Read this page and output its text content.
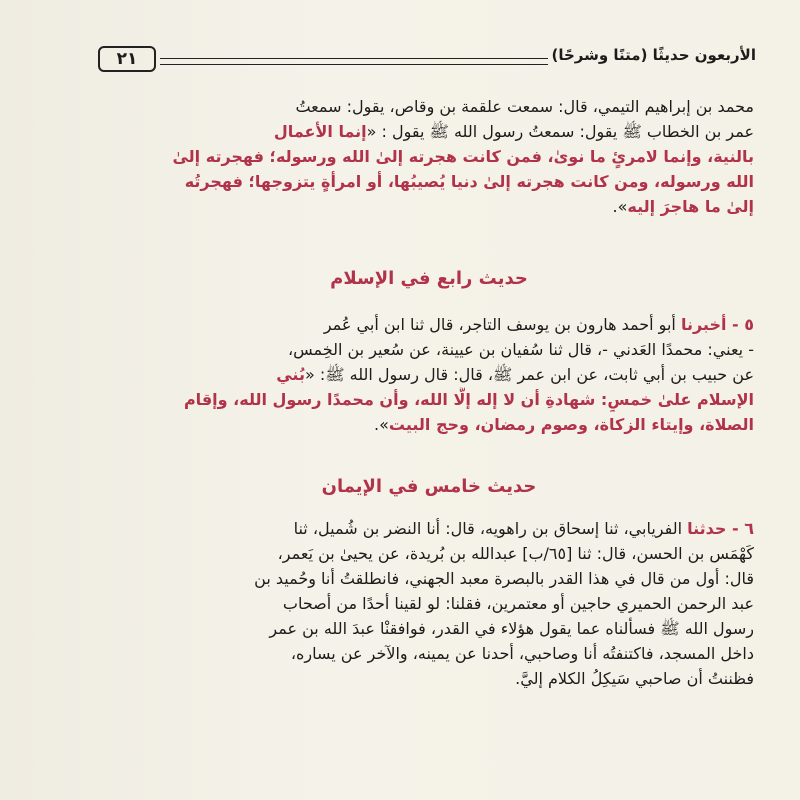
٢١	الأربعون حديثًا (متنًا وشرحًا)
محمد بن إبراهيم التيمي، قال: سمعت علقمة بن وقاص، يقول: سمعتُ
عمر بن الخطاب ﷺ يقول: سمعتُ رسول الله ﷺ يقول : «إنما الأعمال
بالنية، وإنما لامرئٍ ما نوىٰ، فمن كانت هجرته إلىٰ الله ورسوله؛ فهجرته إلىٰ
الله ورسوله، ومن كانت هجرته إلىٰ دنيا يُصيبُها، أو امرأةٍ يتزوجها؛ فهجرتُه
إلىٰ ما هاجرَ إليه».
حديث رابع في الإسلام
٥ - أخبرنا أبو أحمد هارون بن يوسف التاجر، قال ثنا ابن أبي عُمر
- يعني: محمدًا العَدني -، قال ثنا سُفيان بن عيينة، عن سُعير بن الخِمس،
عن حبيب بن أبي ثابت، عن ابن عمر ﷺ، قال: قال رسول الله ﷺ: «بُني
الإسلام علىٰ خمسٍ: شهادةِ أن لا إله إلَّا الله، وأن محمدًا رسول الله، وإقام
الصلاة، وإيتاء الزكاة، وصوم رمضان، وحج البيت».
حديث خامس في الإيمان
٦ - حدثنا الفريابي، ثنا إسحاق بن راهويه، قال: أنا النضر بن شُميل، ثنا
كَهْمَس بن الحسن، قال: ثنا [٦٥/ب] عبدالله بن بُريدة، عن يحيىٰ بن يَعمر،
قال: أول من قال في هذا القدر بالبصرة معبد الجهني، فانطلقتُ أنا وحُميد بن
عبد الرحمن الحميري حاجين أو معتمرين، فقلنا: لو لقينا أحدًا من أصحاب
رسول الله ﷺ فسألناه عما يقول هؤلاء في القدر، فوافقنْا عبدَ الله بن عمر
داخل المسجد، فاكتنفتُه أنا وصاحبي، أحدنا عن يمينه، والآخر عن يساره،
فظننتُ أن صاحبي سَيكِلُ الكلام إليَّ.
